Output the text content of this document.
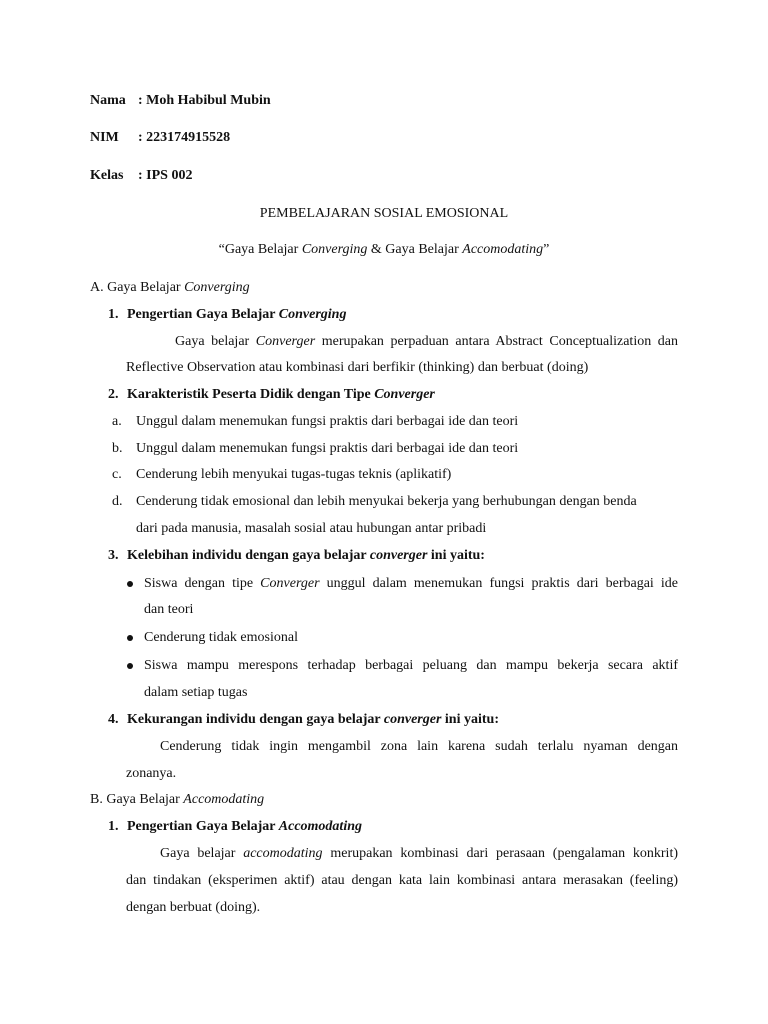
Nama : Moh Habibul Mubin
NIM : 223174915528
Kelas : IPS 002
PEMBELAJARAN SOSIAL EMOSIONAL
“Gaya Belajar Converging & Gaya Belajar Accomodating”
A. Gaya Belajar Converging
1. Pengertian Gaya Belajar Converging
Gaya belajar Converger merupakan perpaduan antara Abstract Conceptualization dan
Reflective Observation atau kombinasi dari berfikir (thinking) dan berbuat (doing)
2. Karakteristik Peserta Didik dengan Tipe Converger
a. Unggul dalam menemukan fungsi praktis dari berbagai ide dan teori
b. Unggul dalam menemukan fungsi praktis dari berbagai ide dan teori
c. Cenderung lebih menyukai tugas-tugas teknis (aplikatif)
d. Cenderung tidak emosional dan lebih menyukai bekerja yang berhubungan dengan benda
dari pada manusia, masalah sosial atau hubungan antar pribadi
3. Kelebihan individu dengan gaya belajar converger ini yaitu:
Siswa dengan tipe Converger unggul dalam menemukan fungsi praktis dari berbagai ide
dan teori
Cenderung tidak emosional
Siswa mampu merespons terhadap berbagai peluang dan mampu bekerja secara aktif
dalam setiap tugas
4. Kekurangan individu dengan gaya belajar converger ini yaitu:
Cenderung tidak ingin mengambil zona lain karena sudah terlalu nyaman dengan
zonanya.
B. Gaya Belajar Accomodating
1. Pengertian Gaya Belajar Accomodating
Gaya belajar accomodating merupakan kombinasi dari perasaan (pengalaman konkrit)
dan tindakan (eksperimen aktif) atau dengan kata lain kombinasi antara merasakan (feeling)
dengan berbuat (doing).
